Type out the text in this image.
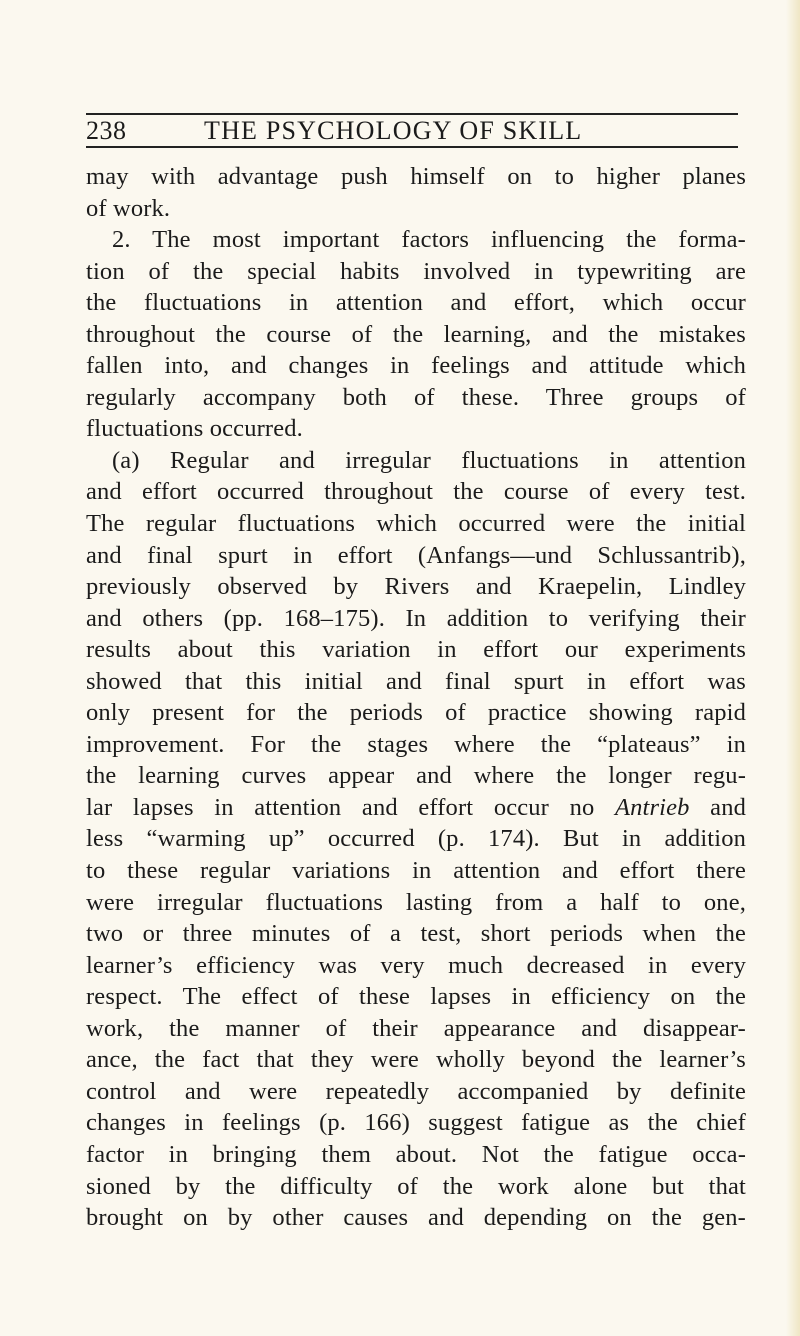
238	THE PSYCHOLOGY OF SKILL
may with advantage push himself on to higher planes
of work.
2. The most important factors influencing the forma-
tion of the special habits involved in typewriting are
the fluctuations in attention and effort, which occur
throughout the course of the learning, and the mistakes
fallen into, and changes in feelings and attitude which
regularly accompany both of these. Three groups of
fluctuations occurred.
(a) Regular and irregular fluctuations in attention
and effort occurred throughout the course of every test.
The regular fluctuations which occurred were the initial
and final spurt in effort (Anfangs—und Schlussantrib),
previously observed by Rivers and Kraepelin, Lindley
and others (pp. 168–175). In addition to verifying their
results about this variation in effort our experiments
showed that this initial and final spurt in effort was
only present for the periods of practice showing rapid
improvement. For the stages where the “plateaus” in
the learning curves appear and where the longer regu-
lar lapses in attention and effort occur no Antrieb and
less “warming up” occurred (p. 174). But in addition
to these regular variations in attention and effort there
were irregular fluctuations lasting from a half to one,
two or three minutes of a test, short periods when the
learner’s efficiency was very much decreased in every
respect. The effect of these lapses in efficiency on the
work, the manner of their appearance and disappear-
ance, the fact that they were wholly beyond the learner’s
control and were repeatedly accompanied by definite
changes in feelings (p. 166) suggest fatigue as the chief
factor in bringing them about. Not the fatigue occa-
sioned by the difficulty of the work alone but that
brought on by other causes and depending on the gen-
